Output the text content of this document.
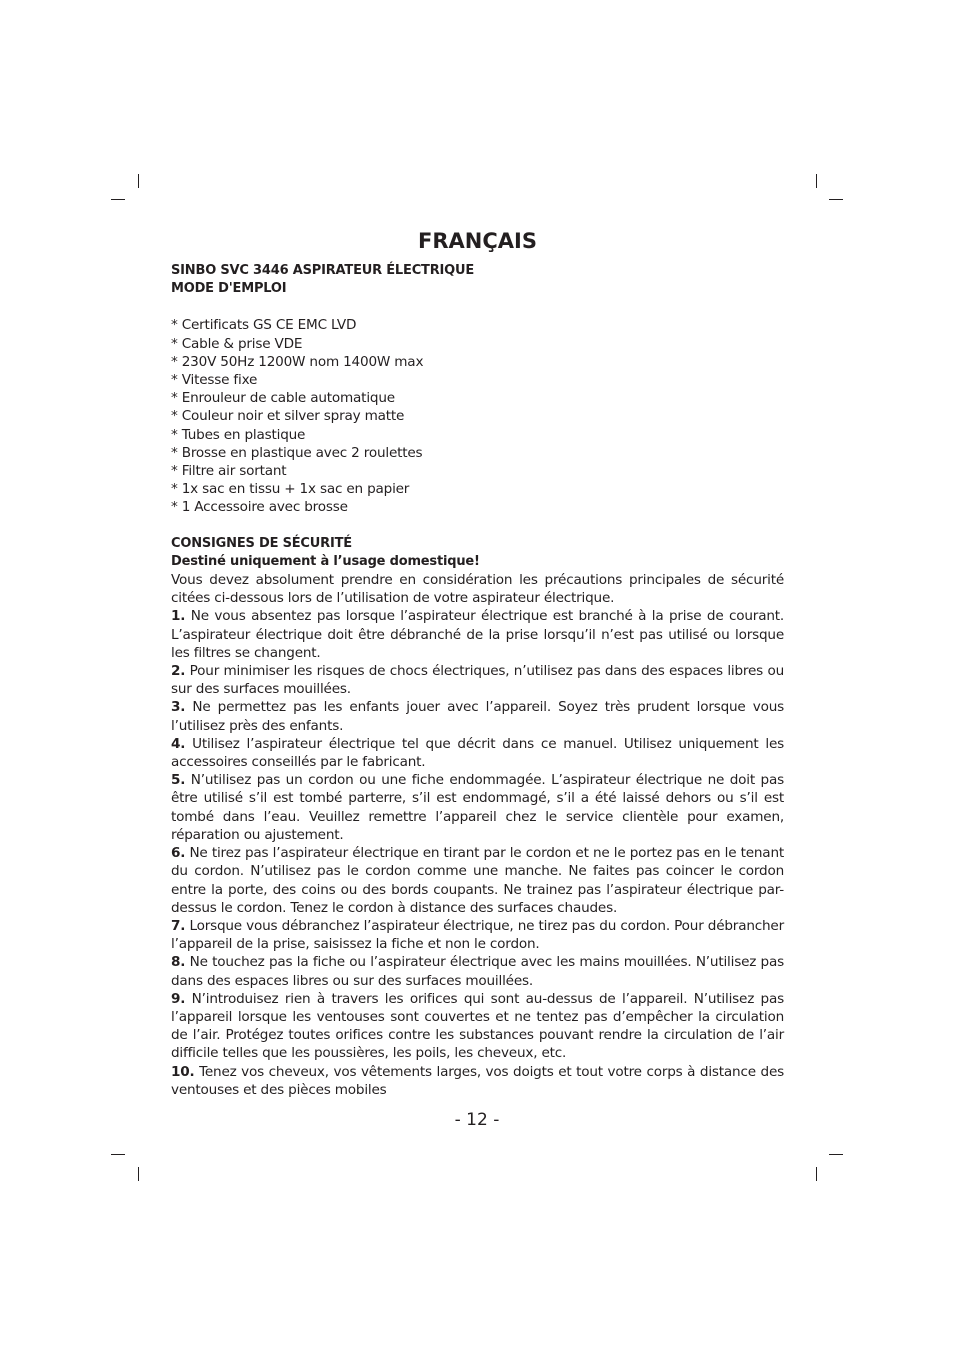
FRANÇAIS

SINBO SVC 3446 ASPIRATEUR ÉLECTRIQUE

MODE D'EMPLOI

* Certificats GS CE EMC LVD
* Cable & prise VDE
* 230V 50Hz 1200W nom 1400W max
* Vitesse fixe
* Enrouleur de cable automatique
* Couleur noir et silver spray matte
* Tubes en plastique
* Brosse en plastique avec 2 roulettes
* Filtre air sortant
* 1x sac en tissu + 1x sac en papier
* 1 Accessoire avec brosse

CONSIGNES DE SÉCURITÉ

Destiné uniquement à l’usage domestique!

Vous devez absolument prendre en considération les précautions principales de sécurité citées ci-dessous lors de l’utilisation de votre aspirateur électrique.

1. Ne vous absentez pas lorsque l’aspirateur électrique est branché à la prise de courant. L’aspirateur électrique doit être débranché de la prise lorsqu’il n’est pas utilisé ou lorsque les filtres se changent.

2. Pour minimiser les risques de chocs électriques, n’utilisez pas dans des espaces libres ou sur des surfaces mouillées.

3. Ne permettez pas les enfants jouer avec l’appareil. Soyez très prudent lorsque vous l’utilisez près des enfants.

4. Utilisez l’aspirateur électrique tel que décrit dans ce manuel. Utilisez uniquement les accessoires conseillés par le fabricant.

5. N’utilisez pas un cordon ou une fiche endommagée. L’aspirateur électrique ne doit pas être utilisé s’il est tombé parterre, s’il est endommagé, s’il a été laissé dehors ou s’il est tombé dans l’eau. Veuillez remettre l’appareil chez le service clientèle pour examen, réparation ou ajustement.

6. Ne tirez pas l’aspirateur électrique en tirant par le cordon et ne le portez pas en le tenant du cordon. N’utilisez pas le cordon comme une manche. Ne faites pas coincer le cordon entre la porte, des coins ou des bords coupants. Ne trainez pas l’aspirateur électrique par-dessus le cordon. Tenez le cordon à distance des surfaces chaudes.

7. Lorsque vous débranchez l’aspirateur électrique, ne tirez pas du cordon. Pour débrancher l’appareil de la prise, saisissez la fiche et non le cordon.

8. Ne touchez pas la fiche ou l’aspirateur électrique avec les mains mouillées. N’utilisez pas dans des espaces libres ou sur des surfaces mouillées.

9. N’introduisez rien à travers les orifices qui sont au-dessus de l’appareil. N’utilisez pas l’appareil lorsque les ventouses sont couvertes et ne tentez pas d’empêcher la circulation de l’air. Protégez toutes orifices contre les substances pouvant rendre la circulation de l’air difficile telles que les poussières, les poils, les cheveux, etc.

10. Tenez vos cheveux, vos vêtements larges, vos doigts et tout votre corps à distance des ventouses et des pièces mobiles

- 12 -
